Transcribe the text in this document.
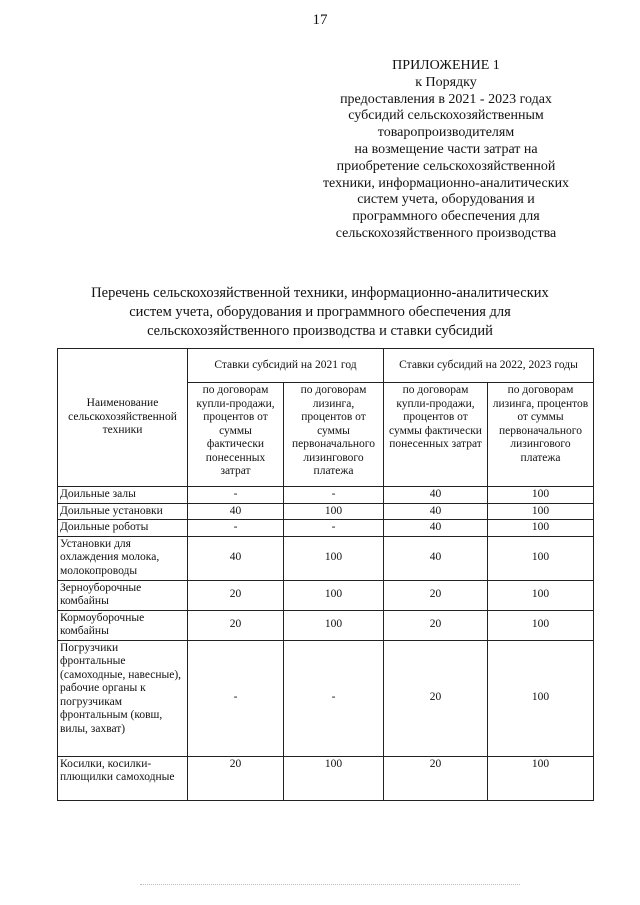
17
ПРИЛОЖЕНИЕ 1
к Порядку
предоставления в 2021 - 2023 годах
субсидий сельскохозяйственным
товаропроизводителям
на возмещение части затрат на
приобретение сельскохозяйственной
техники, информационно-аналитических
систем учета, оборудования и
программного обеспечения для
сельскохозяйственного производства
Перечень сельскохозяйственной техники, информационно-аналитических
систем учета, оборудования и программного обеспечения для
сельскохозяйственного производства и ставки субсидий
Наименование сельскохозяйственной техники	Ставки субсидий на 2021 год		Ставки субсидий на 2022, 2023 годы	
	по договорам купли-продажи, процентов от суммы фактически понесенных затрат	по договорам лизинга, процентов от суммы первоначального лизингового платежа	по договорам купли-продажи, процентов от суммы фактически понесенных затрат	по договорам лизинга, процентов от суммы первоначального лизингового платежа
Доильные залы	-	-	40	100
Доильные установки	40	100	40	100
Доильные роботы	-	-	40	100
Установки для охлаждения молока, молокопроводы	40	100	40	100
Зерноуборочные комбайны	20	100	20	100
Кормоуборочные комбайны	20	100	20	100
Погрузчики фронтальные (самоходные, навесные), рабочие органы к погрузчикам фронтальным (ковш, вилы, захват)	-	-	20	100
Косилки, косилки-плющилки самоходные	20	100	20	100
